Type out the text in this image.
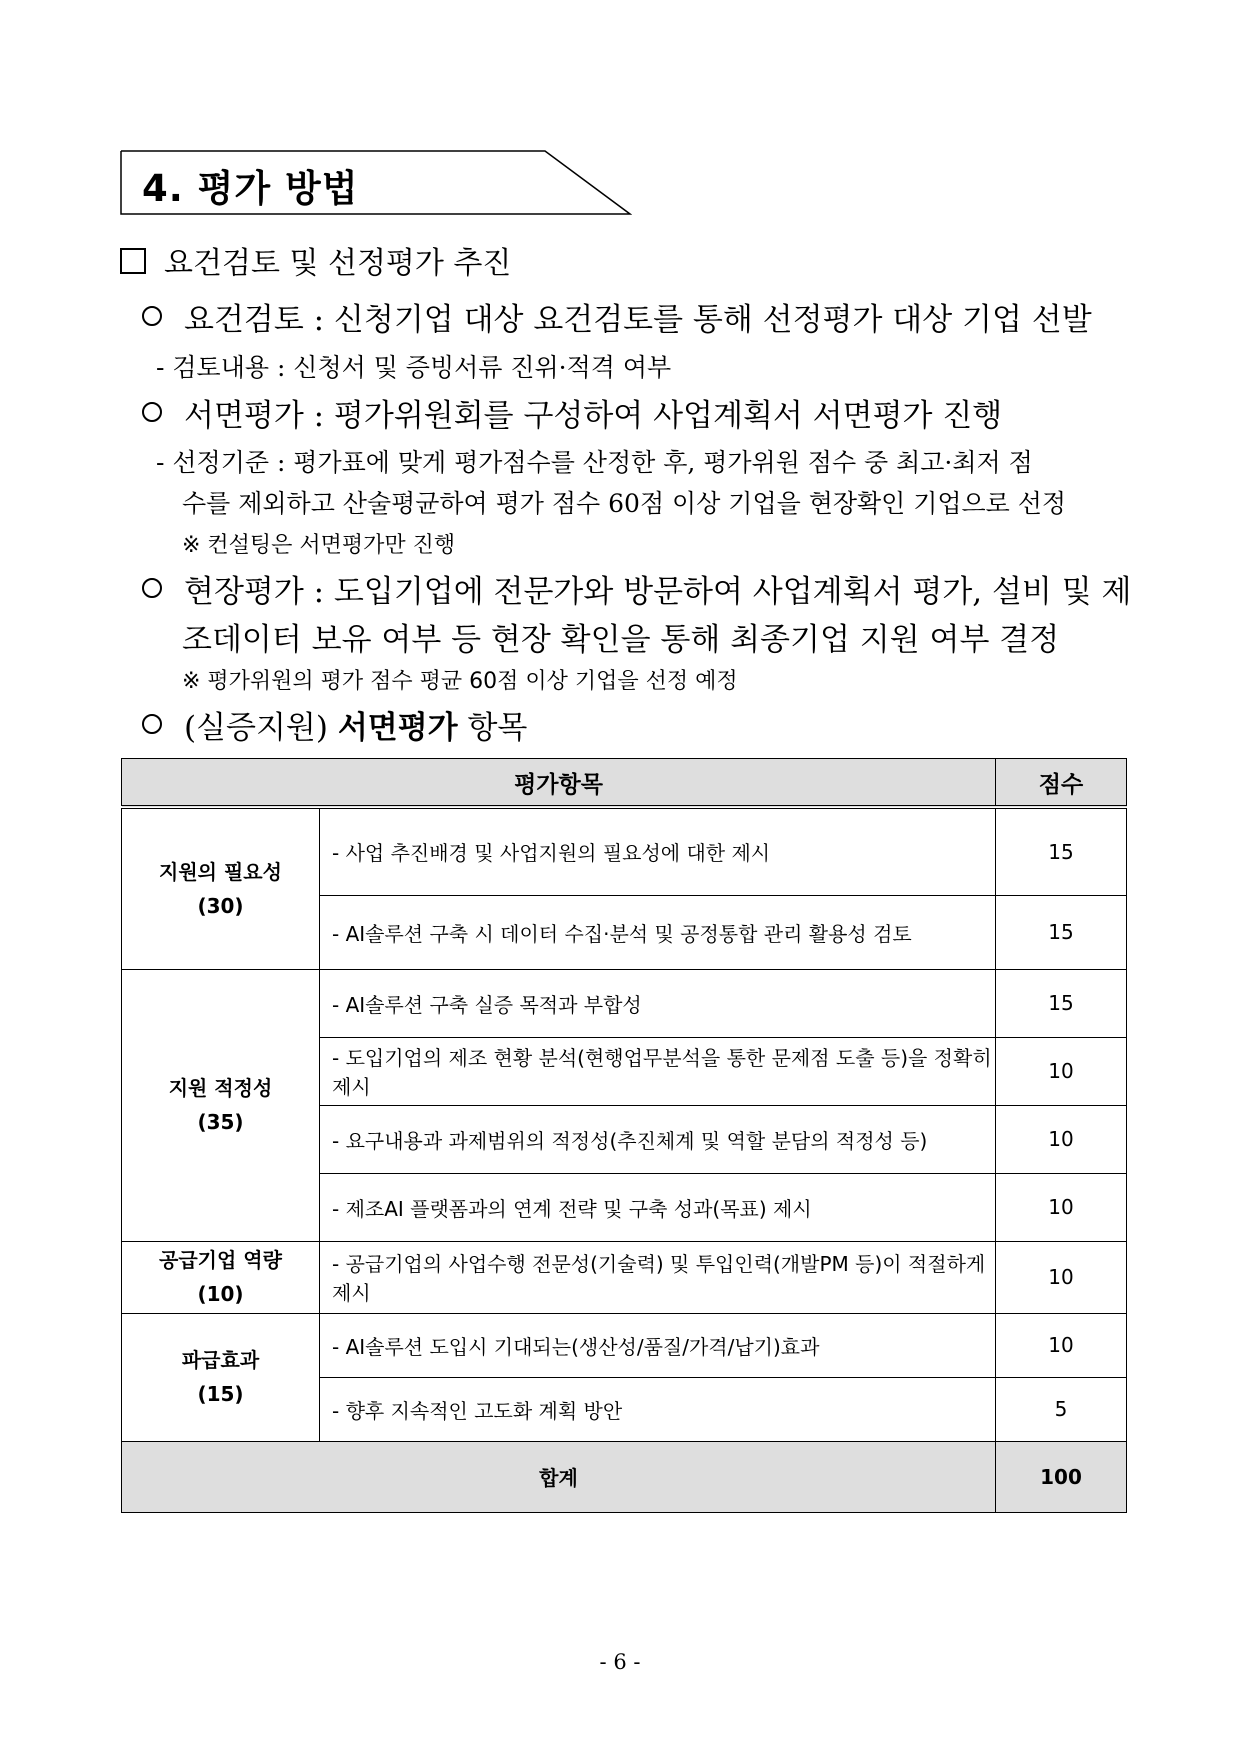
4. 평가 방법
요건검토 및 선정평가 추진
요건검토 : 신청기업 대상 요건검토를 통해 선정평가 대상 기업 선발
- 검토내용 : 신청서 및 증빙서류 진위·적격 여부
서면평가 : 평가위원회를 구성하여 사업계획서 서면평가 진행
- 선정기준 : 평가표에 맞게 평가점수를 산정한 후, 평가위원 점수 중 최고·최저 점
수를 제외하고 산술평균하여 평가 점수 60점 이상 기업을 현장확인 기업으로 선정
※ 컨설팅은 서면평가만 진행
현장평가 : 도입기업에 전문가와 방문하여 사업계획서 평가, 설비 및 제
조데이터 보유 여부 등 현장 확인을 통해 최종기업 지원 여부 결정
※ 평가위원의 평가 점수 평균 60점 이상 기업을 선정 예정
(실증지원) 서면평가 항목
평가항목		점수

지원의 필요성
(30)	- 사업 추진배경 및 사업지원의 필요성에 대한 제시	15
	- AI솔루션 구축 시 데이터 수집·분석 및 공정통합 관리 활용성 검토	15

지원 적정성
(35)	- AI솔루션 구축 실증 목적과 부합성	15
	- 도입기업의 제조 현황 분석(현행업무분석을 통한 문제점 도출 등)을 정확히 제시	10
	- 요구내용과 과제범위의 적정성(추진체계 및 역할 분담의 적정성 등)	10
	- 제조AI 플랫폼과의 연계 전략 및 구축 성과(목표) 제시	10

공급기업 역량
(10)	- 공급기업의 사업수행 전문성(기술력) 및 투입인력(개발PM 등)이 적절하게 제시	10

파급효과
(15)	- AI솔루션 도입시 기대되는(생산성/품질/가격/납기)효과	10
	- 향후 지속적인 고도화 계획 방안	5
합계		100
- 6 -
